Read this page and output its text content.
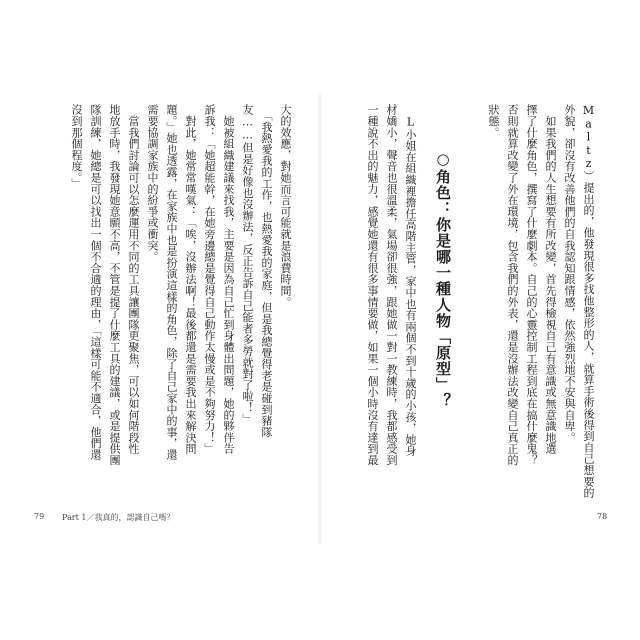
Maltz）提出的，他發現很多找他整形的人，就算手術後得到自己想要的
外貌，卻沒有改善他們的自我認知跟情感，依然強烈地不安與自卑。
　如果我們的人生想要有所改變，首先得檢視自己有意識或無意識地選
擇了什麼角色，撰寫了什麼劇本。自己的心靈控制工程到底在搞什麼鬼？
否則就算改變了外在環境，包含我們的外表，還是沒辦法改變自己真正的
狀態。
○角色：你是哪一種人物「原型」？
　L小姐在組織裡擔任高階主管，家中也有兩個不到十歲的小孩，她身
材嬌小，聲音也很溫柔，氣場卻很強，跟她做一對一教練時，我都感受到
一種說不出的魅力，感覺她還有很多事情要做，如果一個小時沒有達到最
78
大的效應，對她而言可能就是浪費時間。
　「我熱愛我的工作，也熱愛我的家庭，但是我總覺得老是碰到豬隊
友……但是好像也沒辦法，反正告訴自己能者多勞就對了啦！」
　她被組織建議來找我，主要是因為自己忙到身體出問題，她的夥伴告
訴我：「她超能幹，在她旁邊總是覺得自己動作太慢或是不夠努力！」
　對此，她常常嘆氣：「唉，沒辦法啊！最後都還是需要我出來解決問
題。」她也透露，在家族中也是扮演這樣的角色，除了自己家中的事，還
需要協調家族中的紛爭或衝突。
　當我們討論可以怎麼運用不同的工具讓團隊更聚焦，可以如何階段性
地放手時，我發現她意願不高，不管是提了什麼工具的建議，或是提供團
隊訓練，她總是可以找出一個不合適的理由，「這樣可能不適合，他們還
沒到那個程度。」
79 Part 1／我真的，認識自己嗎？
